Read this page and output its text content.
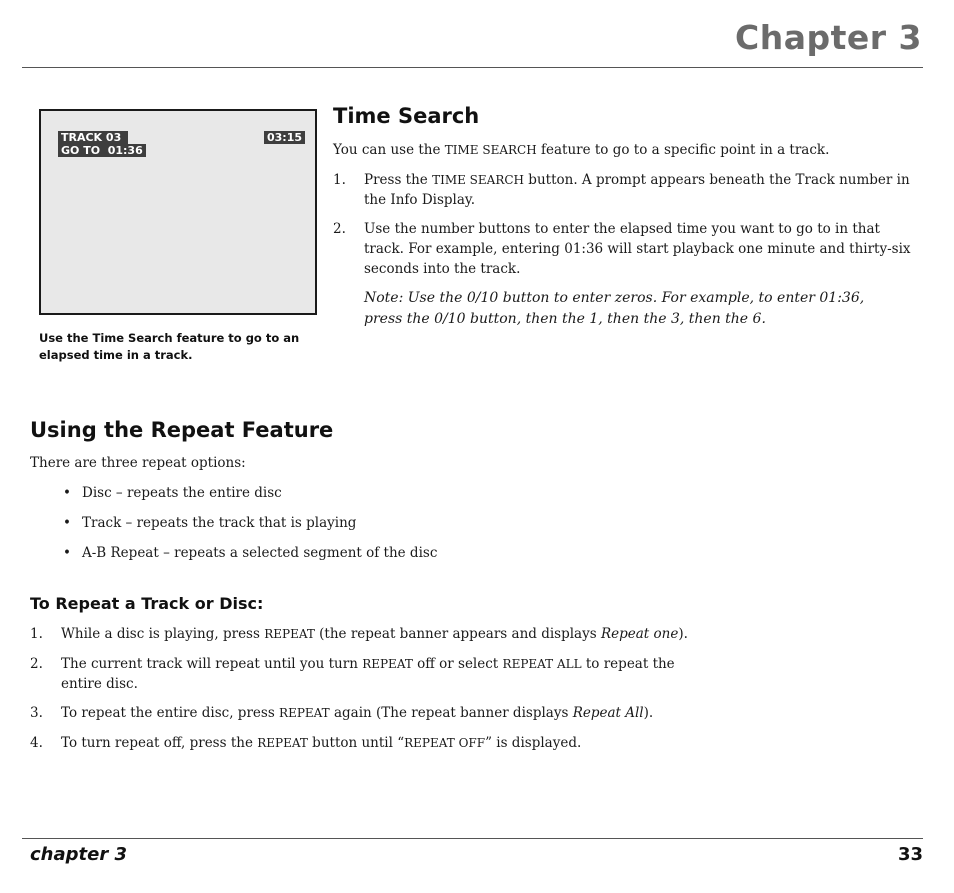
Chapter 3
TRACK 03
GO TO  01:36
03:15
Use the Time Search feature to go to an elapsed time in a track.
Time Search

You can use the TIME SEARCH feature to go to a specific point in a track.

1. Press the TIME SEARCH button. A prompt appears beneath the Track number in the Info Display.

2. Use the number buttons to enter the elapsed time you want to go to in that track. For example, entering 01:36 will start playback one minute and thirty-six seconds into the track.

Note: Use the 0/10 button to enter zeros. For example, to enter 01:36, press the 0/10 button, then the 1, then the 3, then the 6.

Using the Repeat Feature

There are three repeat options:

• Disc – repeats the entire disc

• Track – repeats the track that is playing

• A-B Repeat – repeats a selected segment of the disc

To Repeat a Track or Disc:
1. While a disc is playing, press REPEAT (the repeat banner appears and displays Repeat one).

2. The current track will repeat until you turn REPEAT off or select REPEAT ALL to repeat the entire disc.

3. To repeat the entire disc, press REPEAT again (The repeat banner displays Repeat All).

4. To turn repeat off, press the REPEAT button until “REPEAT OFF” is displayed.

chapter 3	33
